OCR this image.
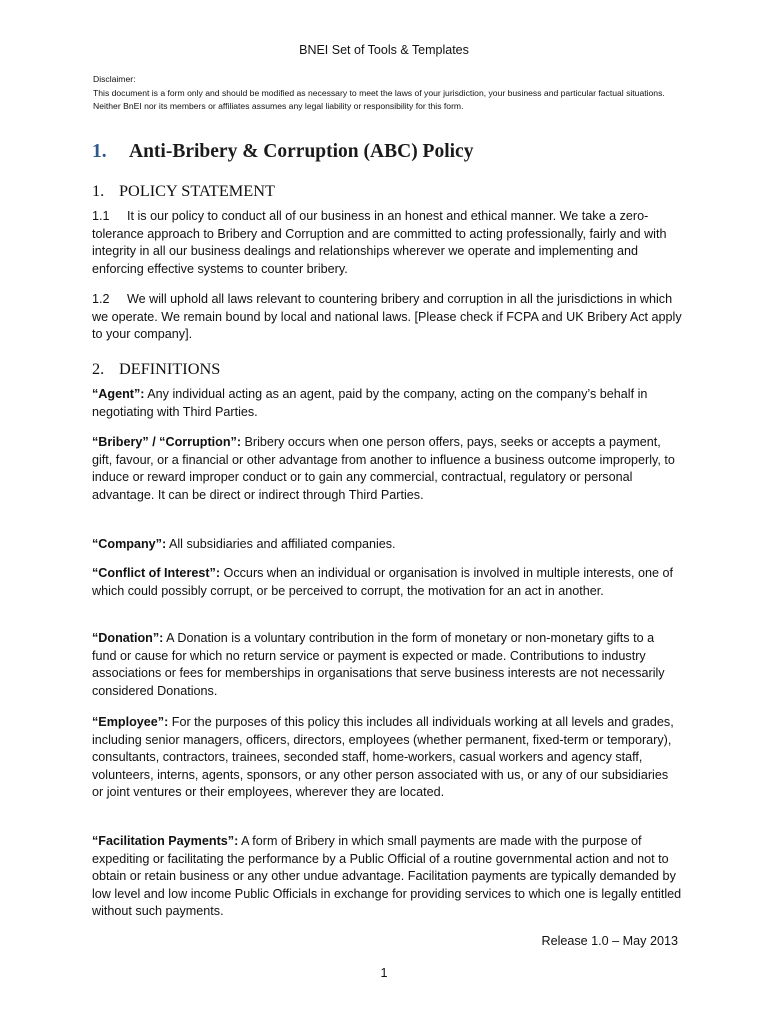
BNEI Set of Tools & Templates
Disclaimer:
This document is a form only and should be modified as necessary to meet the laws of your jurisdiction, your business and particular factual situations. Neither BnEI nor its members or affiliates assumes any legal liability or responsibility for this form.
1. Anti-Bribery & Corruption (ABC) Policy
1. POLICY STATEMENT
1.1 It is our policy to conduct all of our business in an honest and ethical manner. We take a zero-tolerance approach to Bribery and Corruption and are committed to acting professionally, fairly and with integrity in all our business dealings and relationships wherever we operate and implementing and enforcing effective systems to counter bribery.
1.2 We will uphold all laws relevant to countering bribery and corruption in all the jurisdictions in which we operate. We remain bound by local and national laws. [Please check if FCPA and UK Bribery Act apply to your company].
2. DEFINITIONS
“Agent”: Any individual acting as an agent, paid by the company, acting on the company’s behalf in negotiating with Third Parties.
“Bribery” / “Corruption”: Bribery occurs when one person offers, pays, seeks or accepts a payment, gift, favour, or a financial or other advantage from another to influence a business outcome improperly, to induce or reward improper conduct or to gain any commercial, contractual, regulatory or personal advantage. It can be direct or indirect through Third Parties.
“Company”: All subsidiaries and affiliated companies.
“Conflict of Interest”: Occurs when an individual or organisation is involved in multiple interests, one of which could possibly corrupt, or be perceived to corrupt, the motivation for an act in another.
“Donation”: A Donation is a voluntary contribution in the form of monetary or non-monetary gifts to a fund or cause for which no return service or payment is expected or made. Contributions to industry associations or fees for memberships in organisations that serve business interests are not necessarily considered Donations.
“Employee”: For the purposes of this policy this includes all individuals working at all levels and grades, including senior managers, officers, directors, employees (whether permanent, fixed-term or temporary), consultants, contractors, trainees, seconded staff, home-workers, casual workers and agency staff, volunteers, interns, agents, sponsors, or any other person associated with us, or any of our subsidiaries or joint ventures or their employees, wherever they are located.
“Facilitation Payments”: A form of Bribery in which small payments are made with the purpose of expediting or facilitating the performance by a Public Official of a routine governmental action and not to obtain or retain business or any other undue advantage. Facilitation payments are typically demanded by low level and low income Public Officials in exchange for providing services to which one is legally entitled without such payments.
Release 1.0 – May 2013
1
